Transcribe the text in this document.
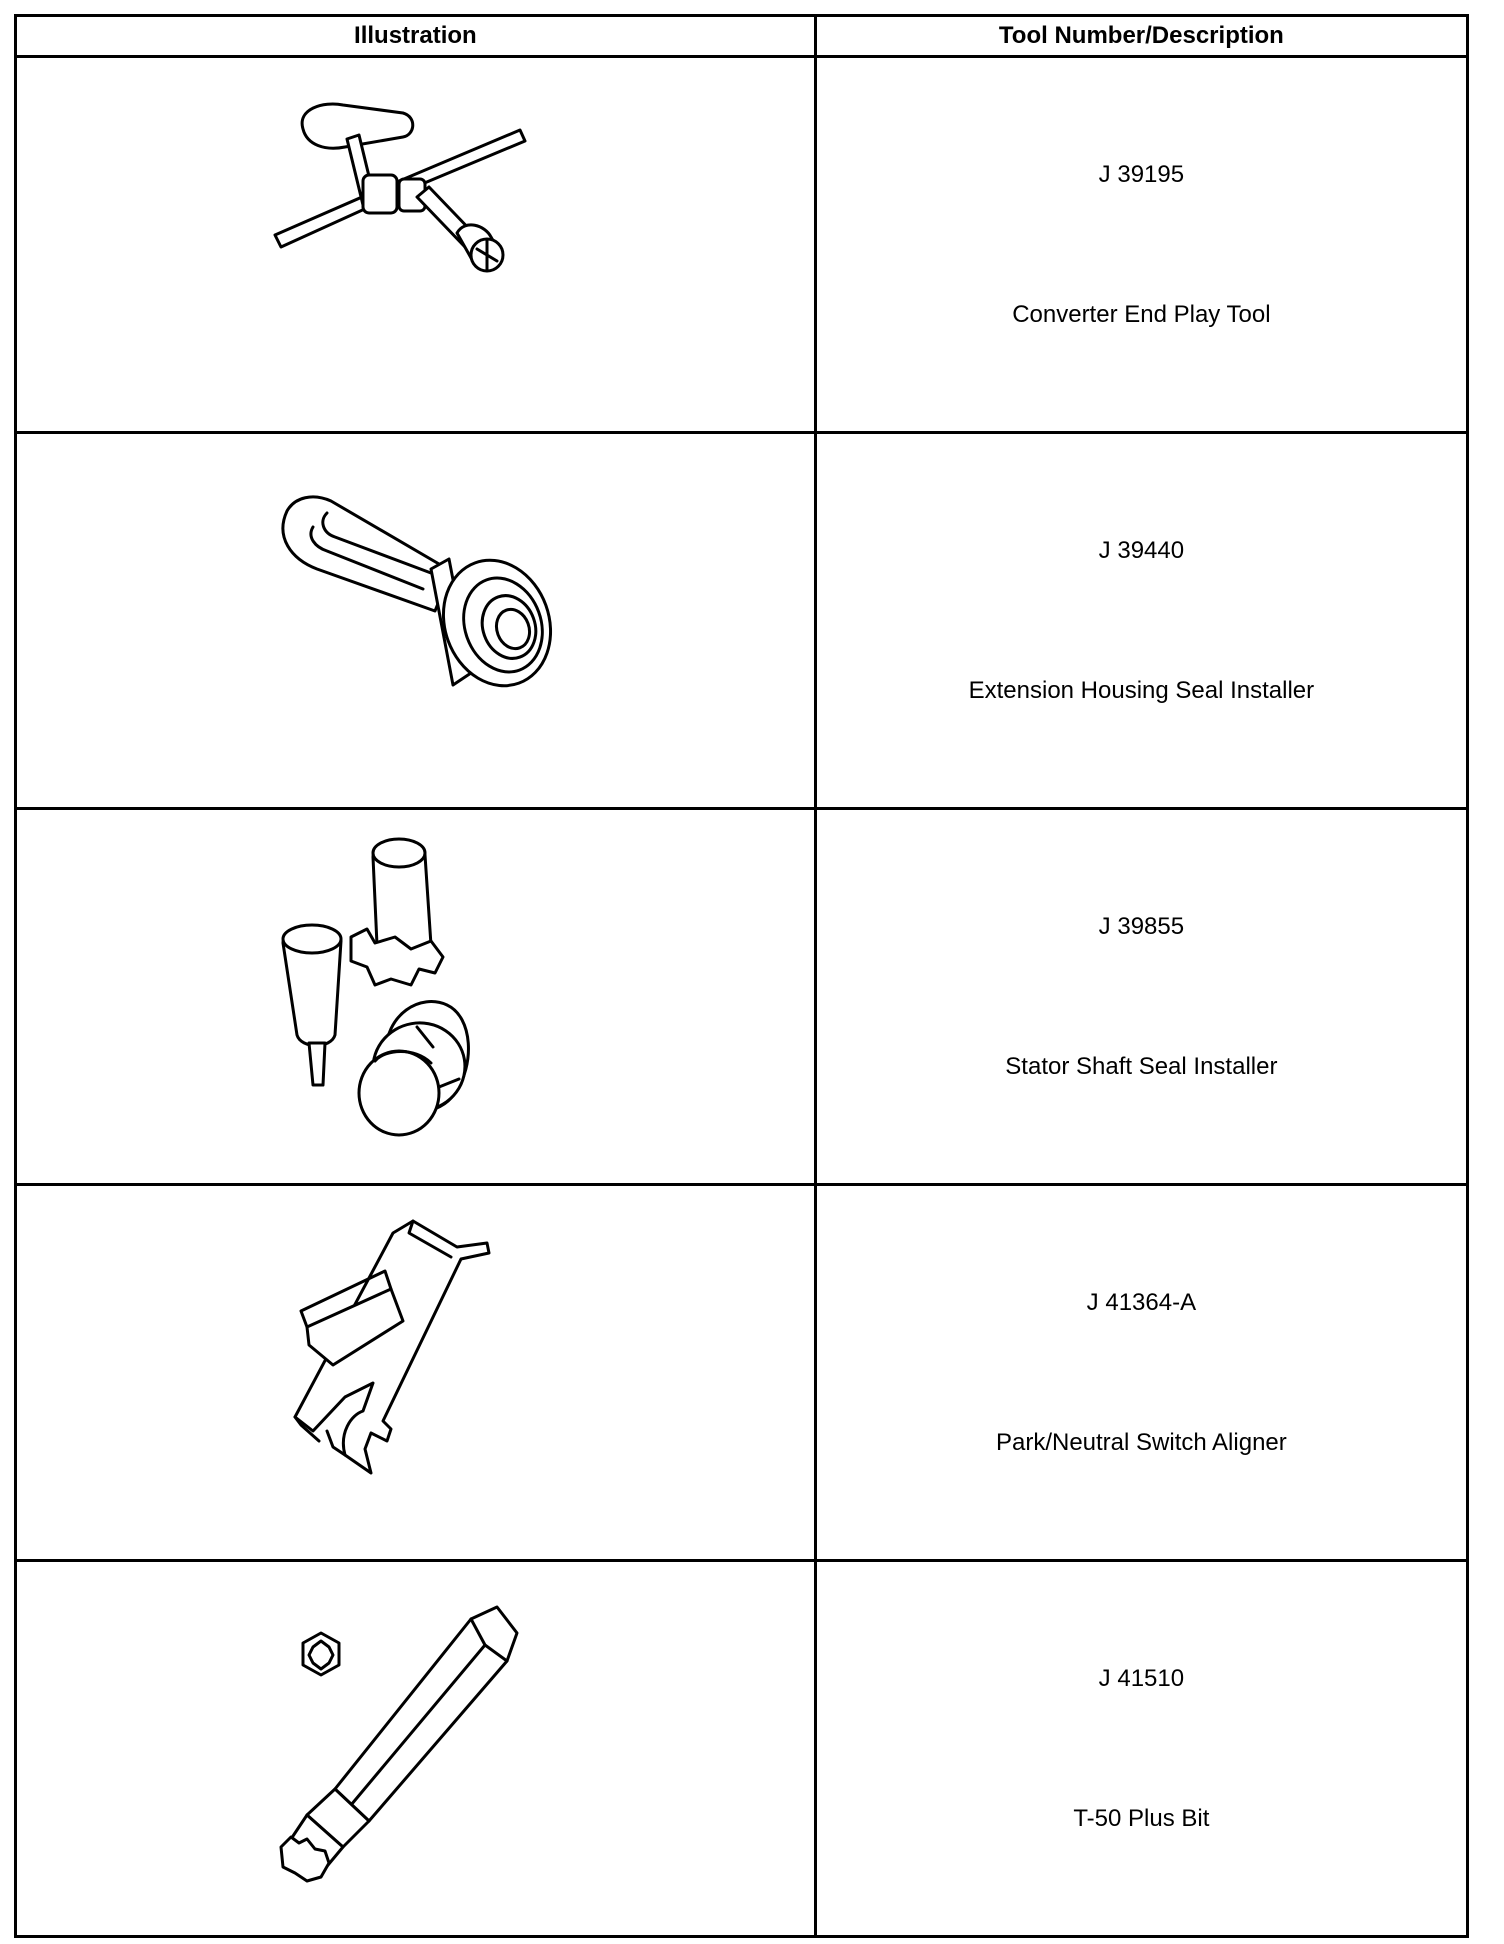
Illustration	Tool Number/Description

J 39195
Converter End Play Tool

J 39440
Extension Housing Seal Installer

J 39855
Stator Shaft Seal Installer

J 41364-A
Park/Neutral Switch Aligner

J 41510
T-50 Plus Bit
